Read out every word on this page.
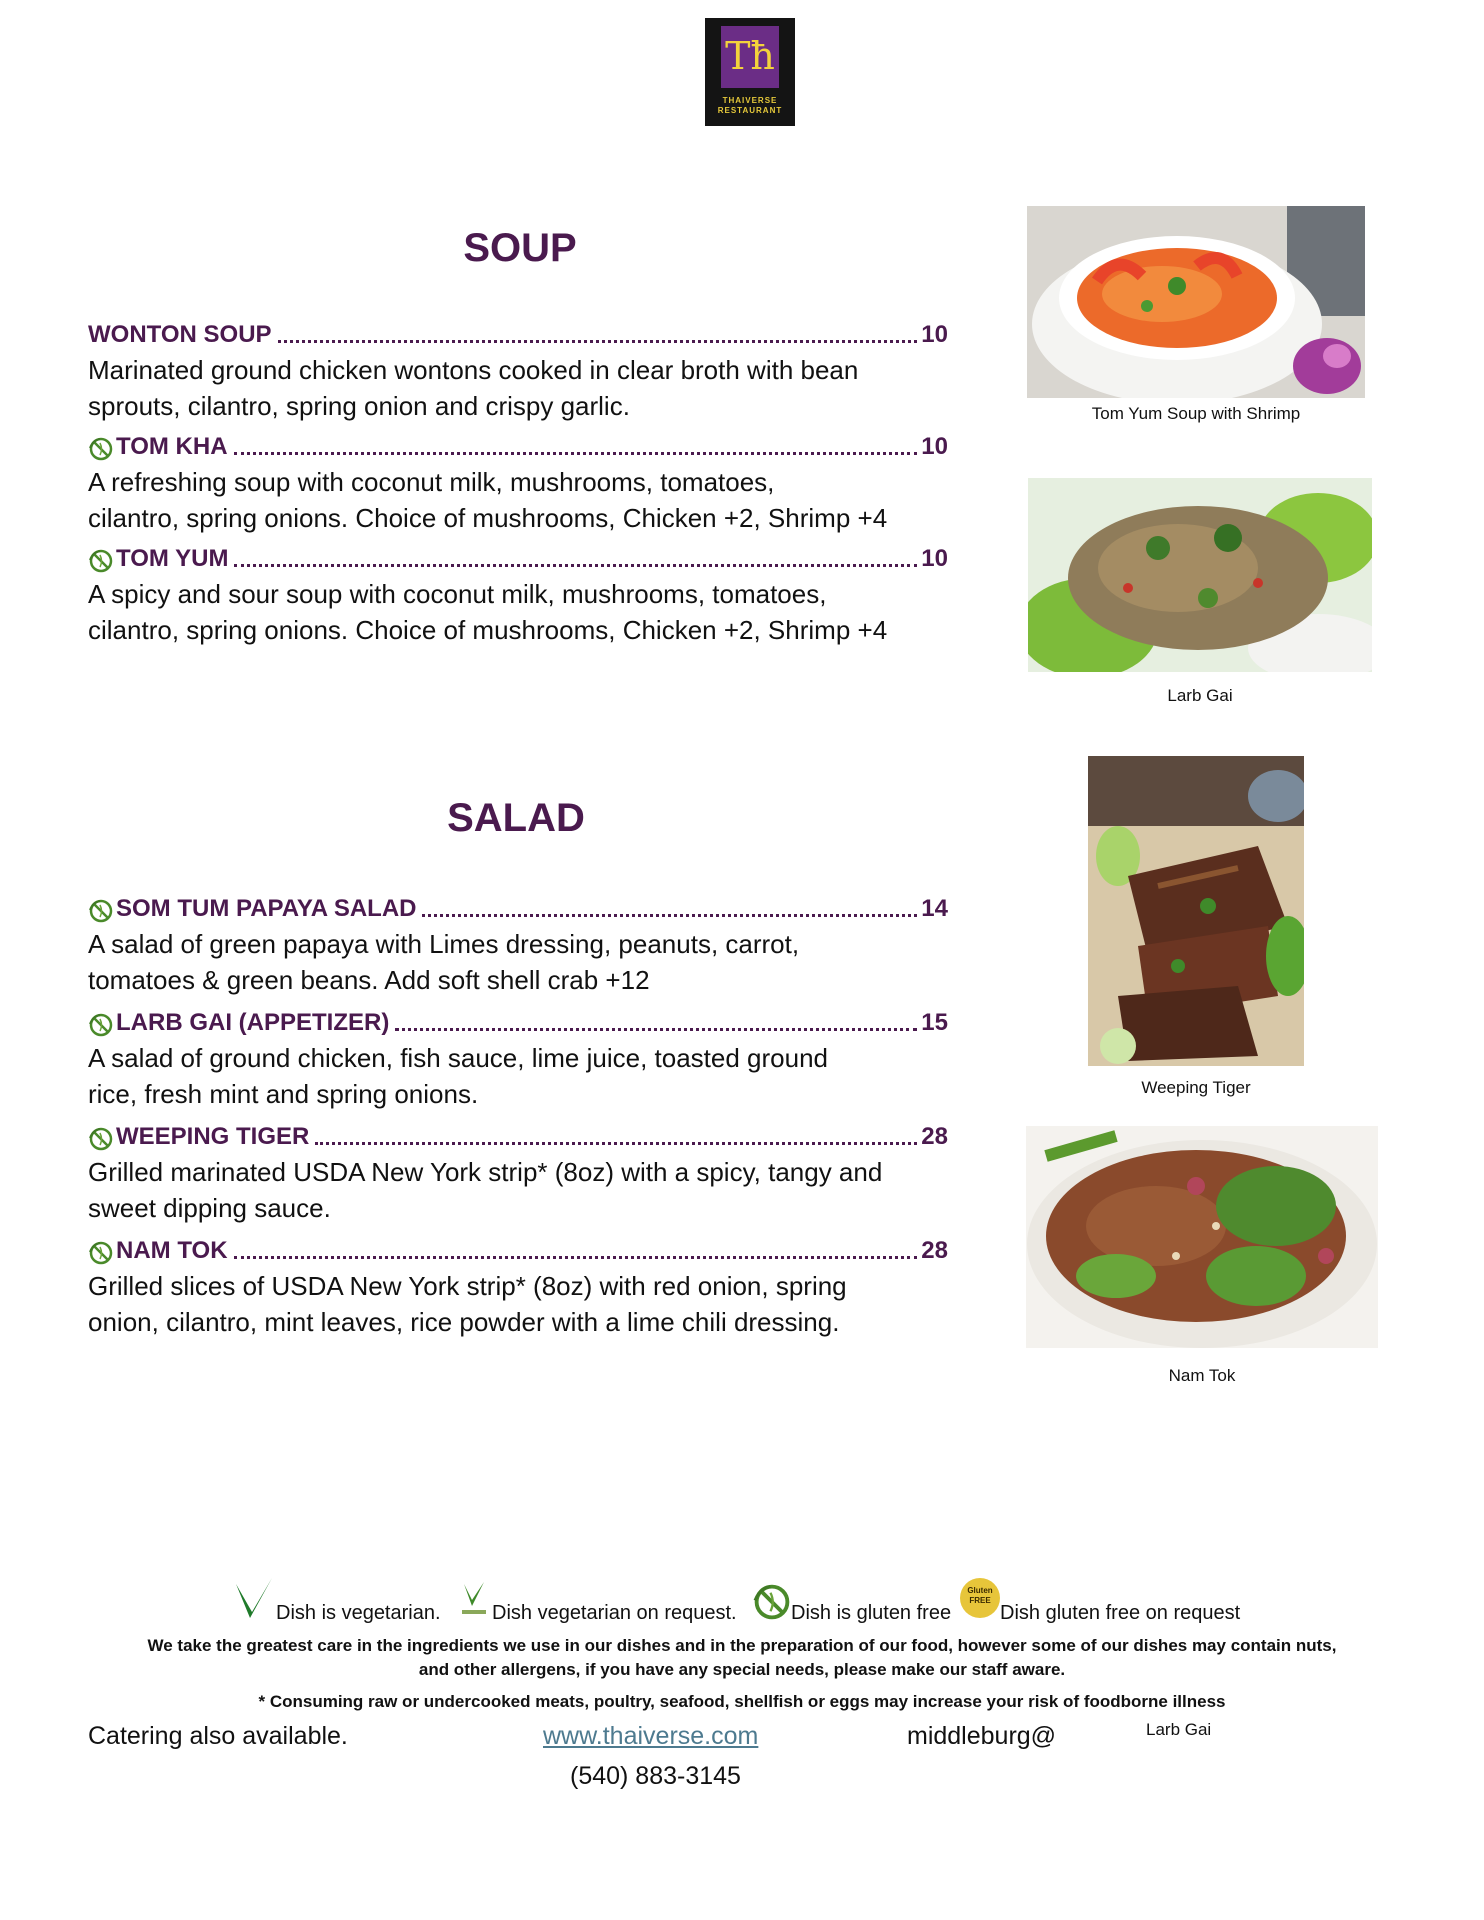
Tħ
THAIVERSE
RESTAURANT
SOUP
WONTON SOUP	10
Marinated ground chicken wontons cooked in clear broth with bean
sprouts, cilantro, spring onion and crispy garlic.
TOM KHA	10
A refreshing soup with coconut milk, mushrooms, tomatoes,
cilantro, spring onions. Choice of mushrooms, Chicken +2, Shrimp +4
TOM YUM	10
A spicy and sour soup with coconut milk, mushrooms, tomatoes,
cilantro, spring onions. Choice of mushrooms, Chicken +2, Shrimp +4
SALAD
SOM TUM PAPAYA SALAD	14
A salad of green papaya with Limes dressing, peanuts, carrot,
tomatoes & green beans. Add soft shell crab +12
LARB GAI (APPETIZER)	15
A salad of ground chicken, fish sauce, lime juice, toasted ground
rice, fresh mint and spring onions.
WEEPING TIGER	28
Grilled marinated USDA New York strip* (8oz) with a spicy, tangy and
sweet dipping sauce.
NAM TOK	28
Grilled slices of USDA New York strip* (8oz) with red onion, spring
onion, cilantro, mint leaves, rice powder with a lime chili dressing.
Tom Yum Soup with Shrimp
Larb Gai
Weeping Tiger
Nam Tok
Dish is vegetarian.	Dish vegetarian on request.	Dish is gluten free
Gluten FREE
Dish gluten free on request
We take the greatest care in the ingredients we use in our dishes and in the preparation of our food, however some of our dishes may contain nuts,
and other allergens, if you have any special needs, please make our staff aware.
* Consuming raw or undercooked meats, poultry, seafood, shellfish or eggs may increase your risk of foodborne illness
Catering also available.	www.thaiverse.com	middleburg@	Larb Gai
(540) 883-3145
